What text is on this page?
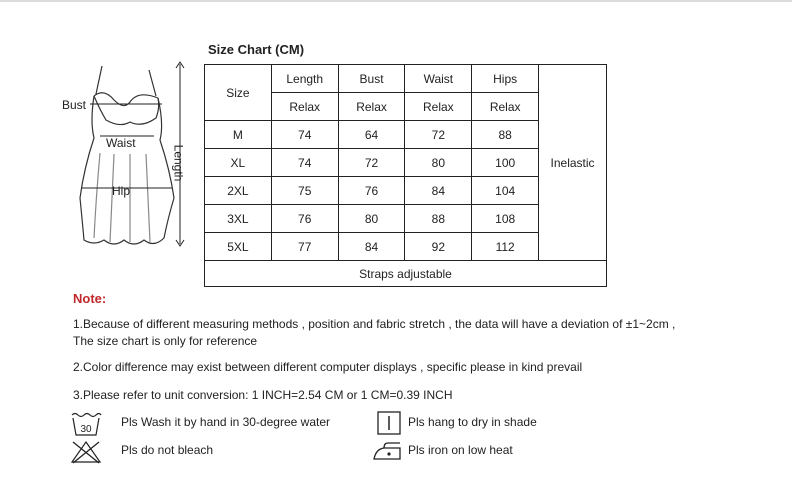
Bust
Waist
Hip
Length
Size Chart (CM)
Size	Length	Bust	Waist	Hips	Inelastic
	Relax	Relax	Relax	Relax	
M	74	64	72	88	
XL	74	72	80	100	
2XL	75	76	84	104	
3XL	76	80	88	108	
5XL	77	84	92	112	
Straps adjustable					
Note:
1.Because of different measuring methods , position and fabric stretch , the data will have a deviation of ±1~2cm ,
The size chart is only for reference
2.Color difference may exist between different computer displays , specific please in kind prevail
3.Please refer to unit conversion: 1 INCH=2.54 CM or 1 CM=0.39 INCH
30
Pls Wash it by hand in 30-degree water	Pls hang to dry in shade
Pls do not bleach	Pls iron on low heat
